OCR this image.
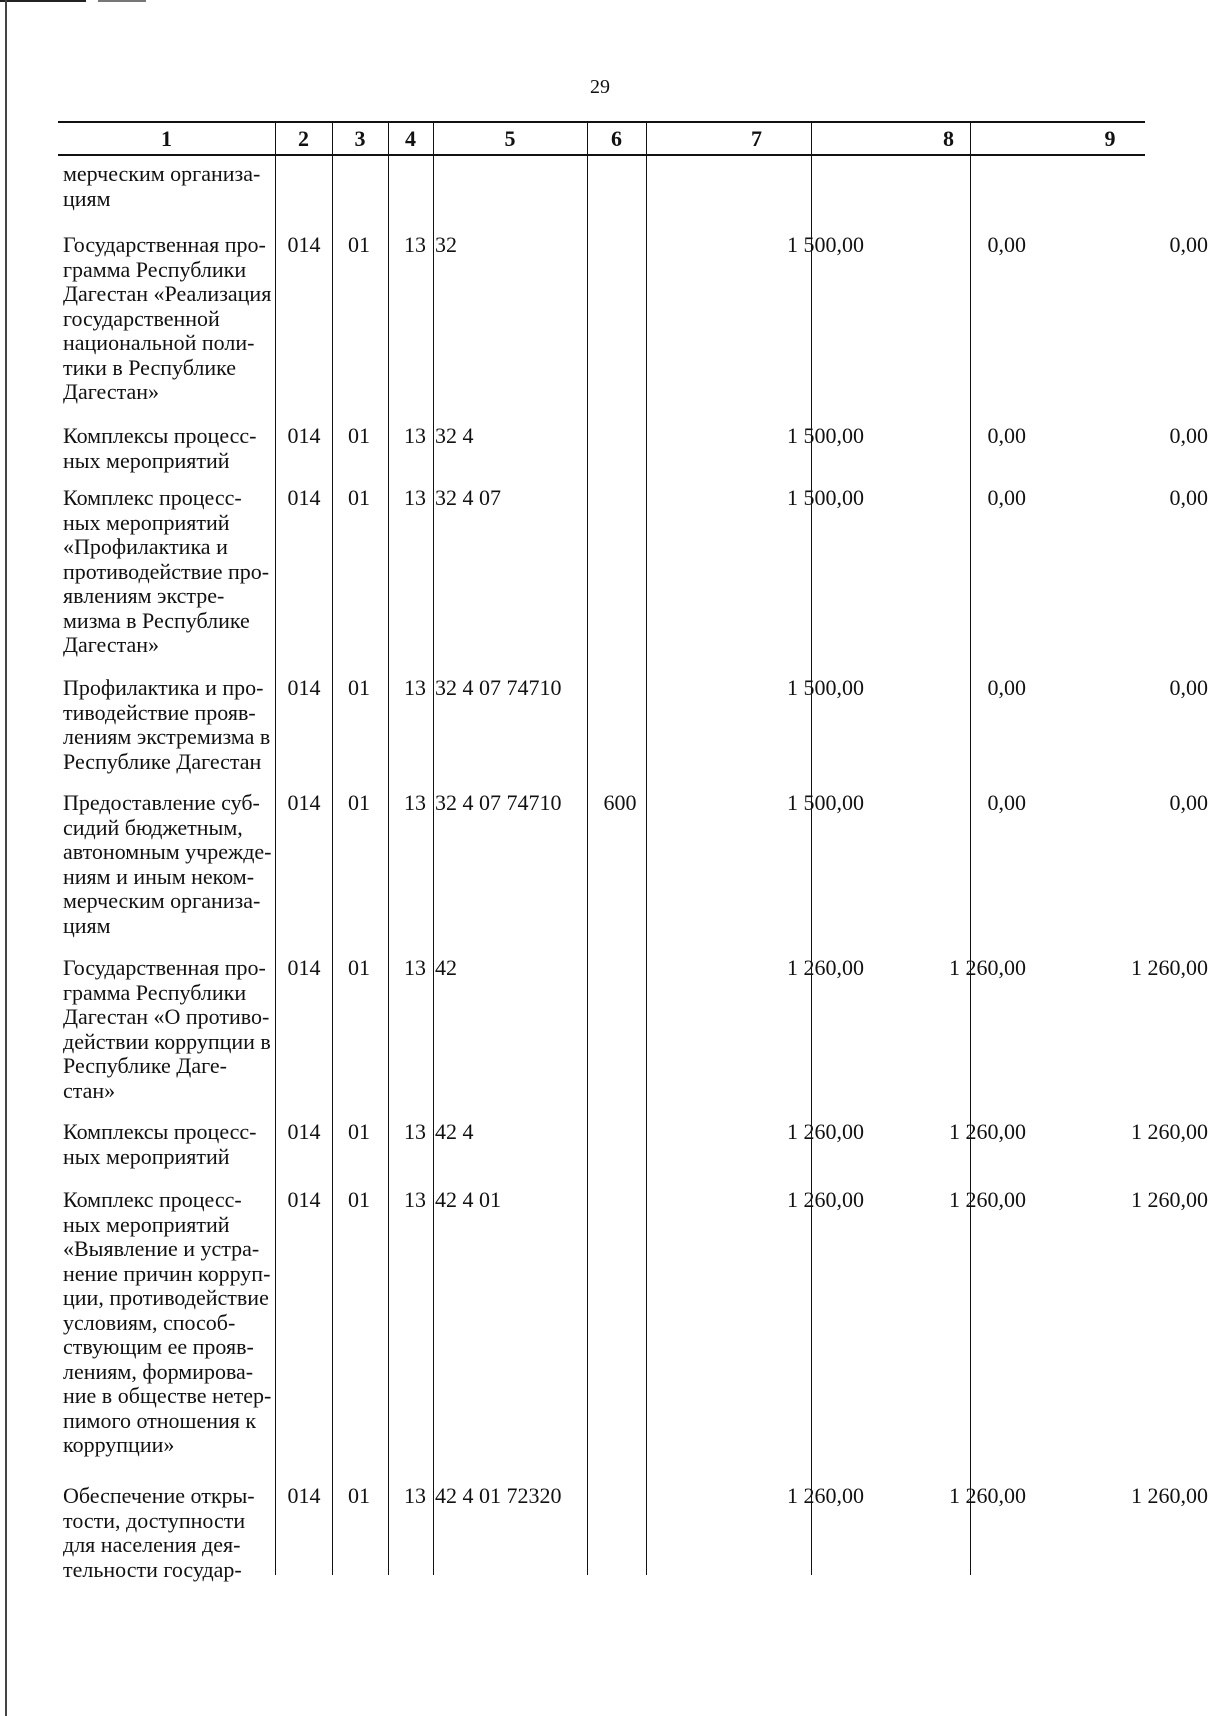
29
1	2	3	4	5	6	7	8	9
мерческим организа-
циям
Государственная про-
грамма Республики
Дагестан «Реализация
государственной
национальной поли-
тики в Республике
Дагестан»
014	01	13 32	1 500,00	0,00	0,00
Комплексы процесс-
ных мероприятий
014	01	13 32 4	1 500,00	0,00	0,00
Комплекс процесс-
ных мероприятий
«Профилактика и
противодействие про-
явлениям экстре-
мизма в Республике
Дагестан»
014	01	13 32 4 07	1 500,00	0,00	0,00
Профилактика и про-
тиводействие прояв-
лениям экстремизма в
Республике Дагестан
014	01	13 32 4 07 74710	1 500,00	0,00	0,00
Предоставление суб-
сидий бюджетным,
автономным учрежде-
ниям и иным неком-
мерческим организа-
циям
014	01	13 32 4 07 74710	600	1 500,00	0,00	0,00
Государственная про-
грамма Республики
Дагестан «О противо-
действии коррупции в
Республике Даге-
стан»
014	01	13 42	1 260,00	1 260,00	1 260,00
Комплексы процесс-
ных мероприятий
014	01	13 42 4	1 260,00	1 260,00	1 260,00
Комплекс процесс-
ных мероприятий
«Выявление и устра-
нение причин корруп-
ции, противодействие
условиям, способ-
ствующим ее прояв-
лениям, формирова-
ние в обществе нетер-
пимого отношения к
коррупции»
014	01	13 42 4 01	1 260,00	1 260,00	1 260,00
Обеспечение откры-
тости, доступности
для населения дея-
тельности государ-
014	01	13 42 4 01 72320	1 260,00	1 260,00	1 260,00
